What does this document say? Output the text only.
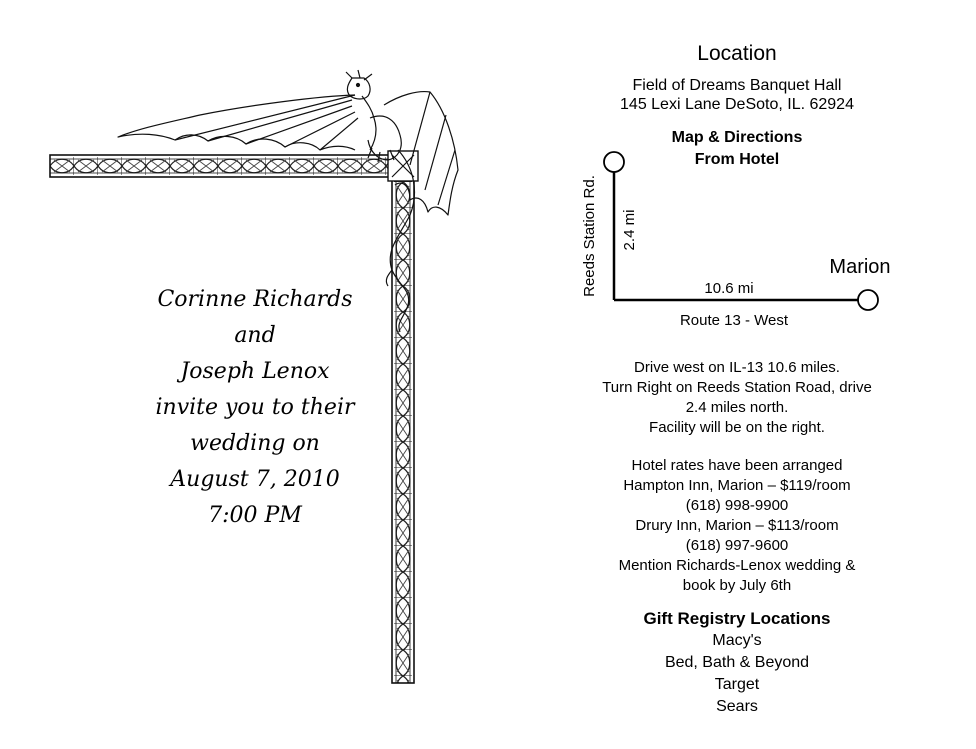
Corinne Richards
and
Joseph Lenox
invite you to their
wedding on
August 7, 2010
7:00 PM
Location
Field of Dreams Banquet Hall
145 Lexi Lane DeSoto, IL. 62924
Map & Directions
From Hotel
Reeds Station Rd. 2.4 mi
10.6 mi
Route 13 - West
Marion
Drive west on IL-13 10.6 miles.
Turn Right on Reeds Station Road, drive
2.4 miles north.
Facility will be on the right.
Hotel rates have been arranged
Hampton Inn, Marion – $119/room
(618) 998-9900
Drury Inn, Marion – $113/room
(618) 997-9600
Mention Richards-Lenox wedding &
book by July 6th
Gift Registry Locations
Macy's
Bed, Bath & Beyond
Target
Sears
